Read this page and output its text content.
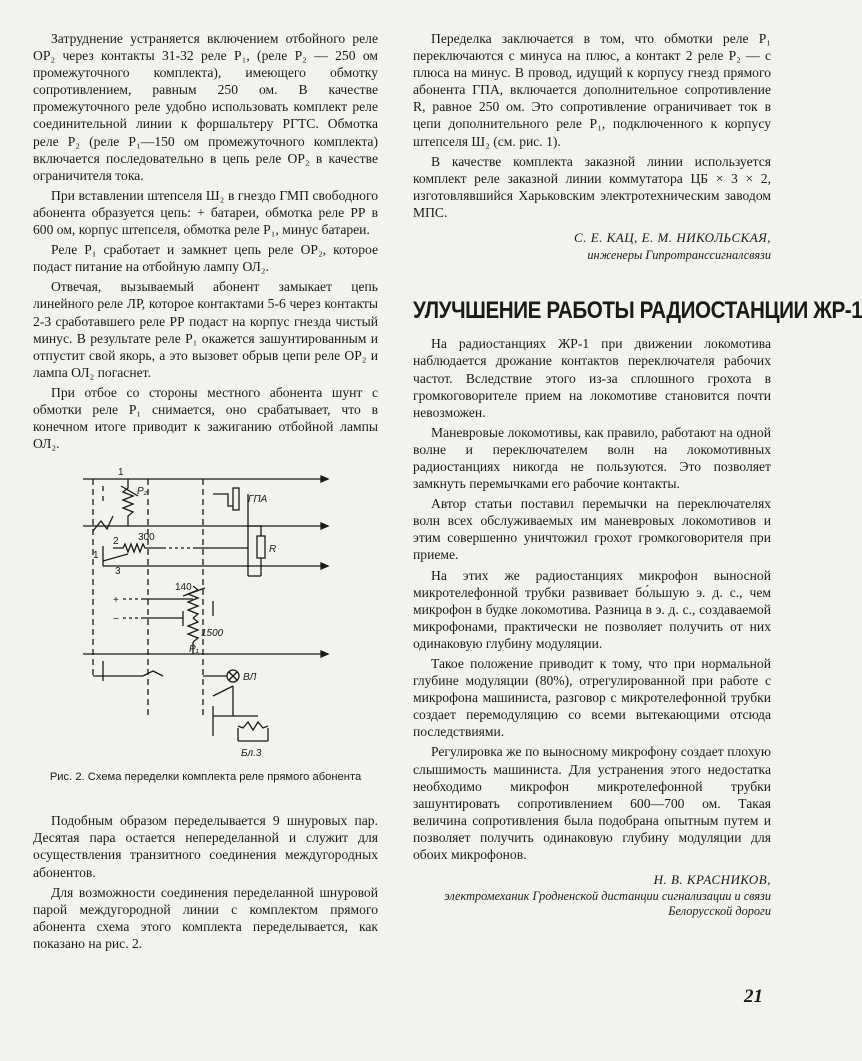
Затруднение устраняется включением отбойного реле ОР₂ через контакты 31-32 реле Р₁, (реле Р₂ — 250 ом промежуточного комплекта), имеющего обмотку сопротивлением, равным 250 ом. В качестве промежуточного реле удобно использовать комплект реле соединительной линии к форшальтеру РГТС. Обмотка реле Р₂ (реле Р₁—150 ом промежуточного комплекта) включается последовательно в цепь реле ОР₂ в качестве ограничителя тока.

При вставлении штепселя Ш₂ в гнездо ГМП свободного абонента образуется цепь: + батареи, обмотка реле РР в 600 ом, корпус штепселя, обмотка реле Р₁, минус батареи.

Реле Р₁ сработает и замкнет цепь реле ОР₂, которое подаст питание на отбойную лампу ОЛ₂.

Отвечая, вызываемый абонент замыкает цепь линейного реле ЛР, которое контактами 5-6 через контакты 2-3 сработавшего реле РР подаст на корпус гнезда чистый минус. В результате реле Р₁ окажется зашунтированным и отпустит свой якорь, а это вызовет обрыв цепи реле ОР₂ и лампа ОЛ₂ погаснет.

При отбое со стороны местного абонента шунт с обмотки реле Р₁ снимается, оно срабатывает, что в конечном итоге приводит к зажиганию отбойной лампы ОЛ₂.

1
P₂
ГПА
2 300
R
1
3
140
1500
P₁
ВЛ
Бл.3
+
−
Рис. 2. Схема переделки комплекта реле прямого абонента

Подобным образом переделывается 9 шнуровых пар. Десятая пара остается непеределанной и служит для осуществления транзитного соединения междугородных абонентов.

Для возможности соединения переделанной шнуровой парой междугородной линии с комплектом прямого абонента схема этого комплекта переделывается, как показано на рис. 2.

Переделка заключается в том, что обмотки реле Р₁ переключаются с минуса на плюс, а контакт 2 реле Р₂ — с плюса на минус. В провод, идущий к корпусу гнезд прямого абонента ГПА, включается дополнительное сопротивление R, равное 250 ом. Это сопротивление ограничивает ток в цепи дополнительного реле Р₁, подключенного к корпусу штепселя Ш₂ (см. рис. 1).

В качестве комплекта заказной линии используется комплект реле заказной линии коммутатора ЦБ × 3 × 2, изготовлявшийся Харьковским электротехническим заводом МПС.

С. Е. КАЦ, Е. М. НИКОЛЬСКАЯ,
инженеры Гипротранссигналсвязи
УЛУЧШЕНИЕ РАБОТЫ РАДИОСТАНЦИИ ЖР-1

На радиостанциях ЖР-1 при движении локомотива наблюдается дрожание контактов переключателя рабочих частот. Вследствие этого из-за сплошного грохота в громкоговорителе прием на локомотиве становится почти невозможен.

Маневровые локомотивы, как правило, работают на одной волне и переключателем волн на локомотивных радиостанциях никогда не пользуются. Это позволяет замкнуть перемычками его рабочие контакты.

Автор статьи поставил перемычки на переключателях волн всех обслуживаемых им маневровых локомотивов и этим совершенно уничтожил грохот громкоговорителя при приеме.

На этих же радиостанциях микрофон выносной микротелефонной трубки развивает бо́льшую э. д. с., чем микрофон в будке локомотива. Разница в э. д. с., создаваемой микрофонами, практически не позволяет получить от них одинаковую глубину модуляции.

Такое положение приводит к тому, что при нормальной глубине модуляции (80%), отрегулированной при работе с микрофона машиниста, разговор с микротелефонной трубки создает перемодуляцию со всеми вытекающими отсюда последствиями.

Регулировка же по выносному микрофону создает плохую слышимость машиниста. Для устранения этого недостатка необходимо микрофон микротелефонной трубки зашунтировать сопротивлением 600—700 ом. Такая величина сопротивления была подобрана опытным путем и позволяет получить одинаковую глубину модуляции для обоих микрофонов.

Н. В. КРАСНИКОВ,
электромеханик Гродненской дистанции сигнализации и связи Белорусской дороги
21
